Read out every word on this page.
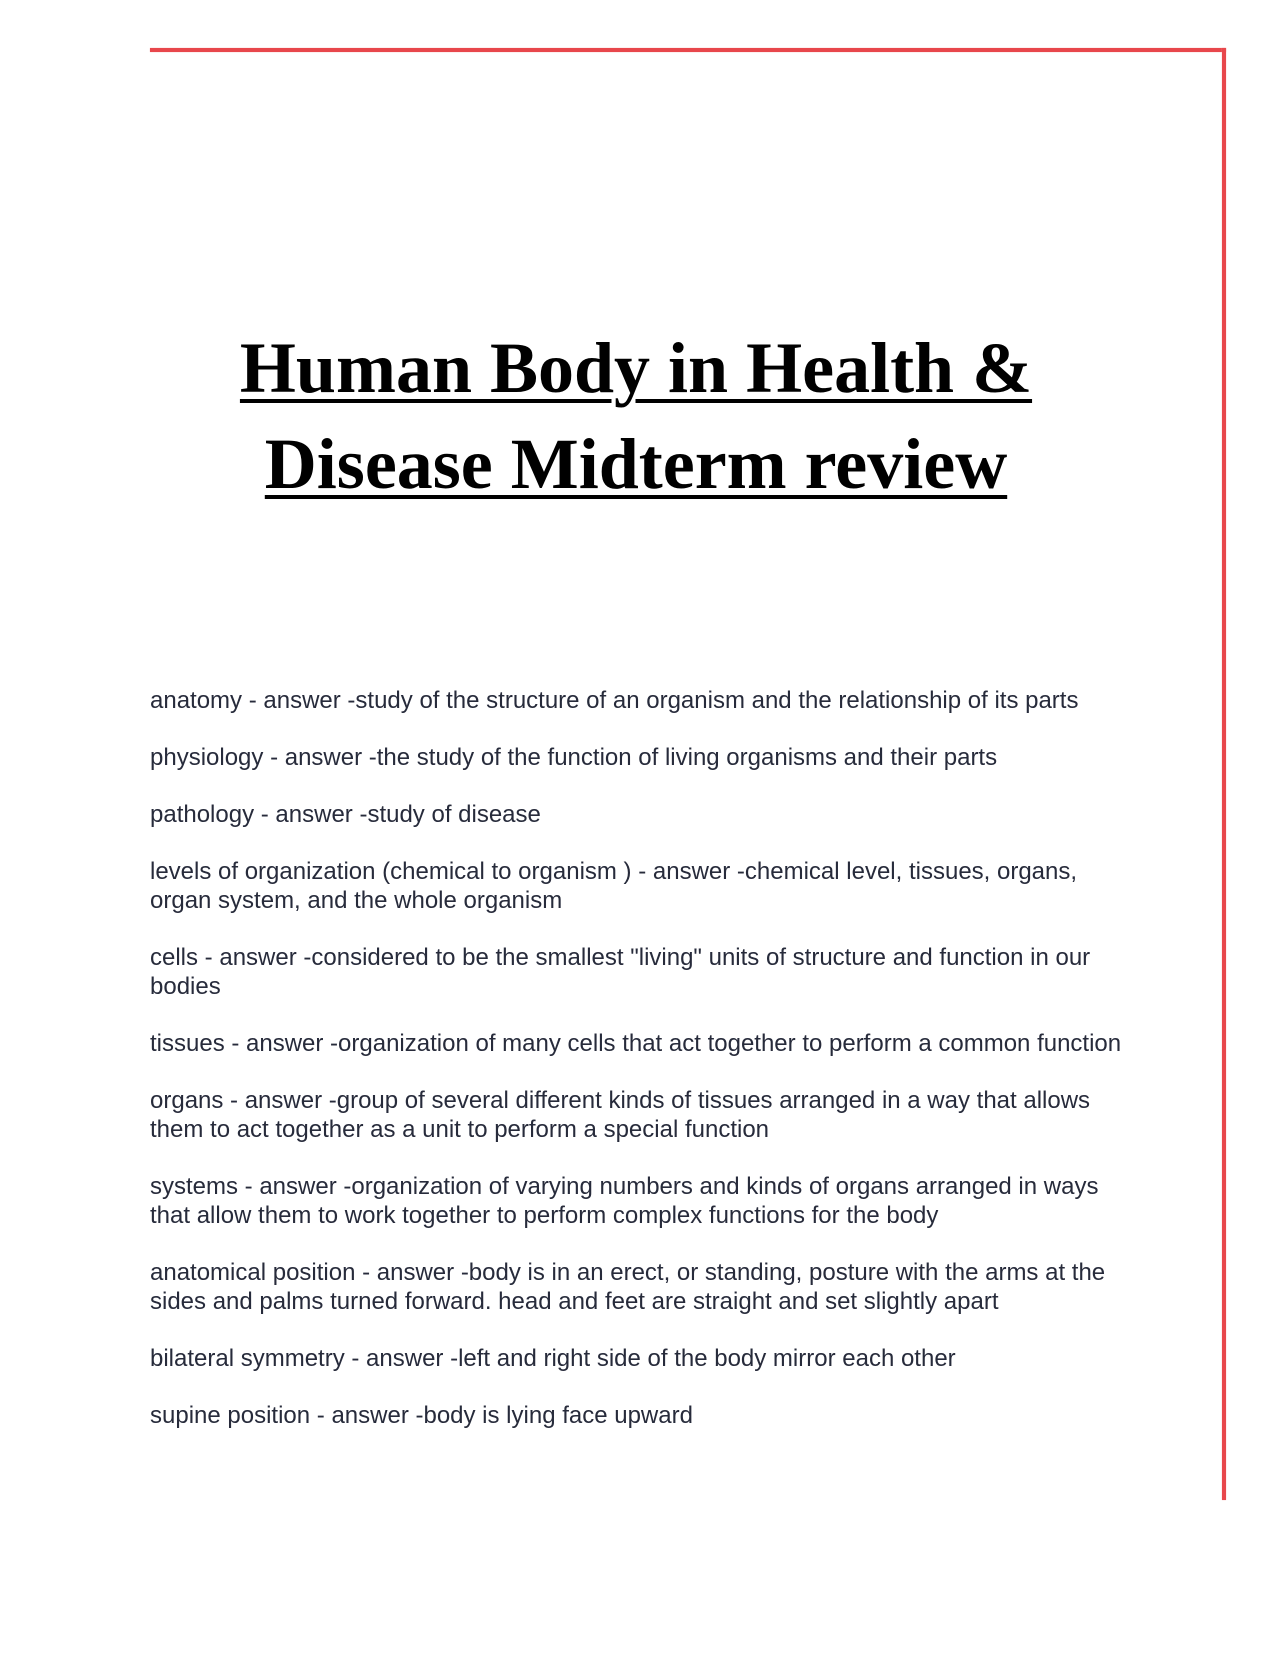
Human Body in Health &
Disease Midterm review
anatomy - answer -study of the structure of an organism and the relationship of its parts
physiology - answer -the study of the function of living organisms and their parts
pathology - answer -study of disease
levels of organization (chemical to organism ) - answer -chemical level, tissues, organs, organ system, and the whole organism
cells - answer -considered to be the smallest "living" units of structure and function in our bodies
tissues - answer -organization of many cells that act together to perform a common function
organs - answer -group of several different kinds of tissues arranged in a way that allows them to act together as a unit to perform a special function
systems - answer -organization of varying numbers and kinds of organs arranged in ways that allow them to work together to perform complex functions for the body
anatomical position - answer -body is in an erect, or standing, posture with the arms at the sides and palms turned forward. head and feet are straight and set slightly apart
bilateral symmetry - answer -left and right side of the body mirror each other
supine position - answer -body is lying face upward
